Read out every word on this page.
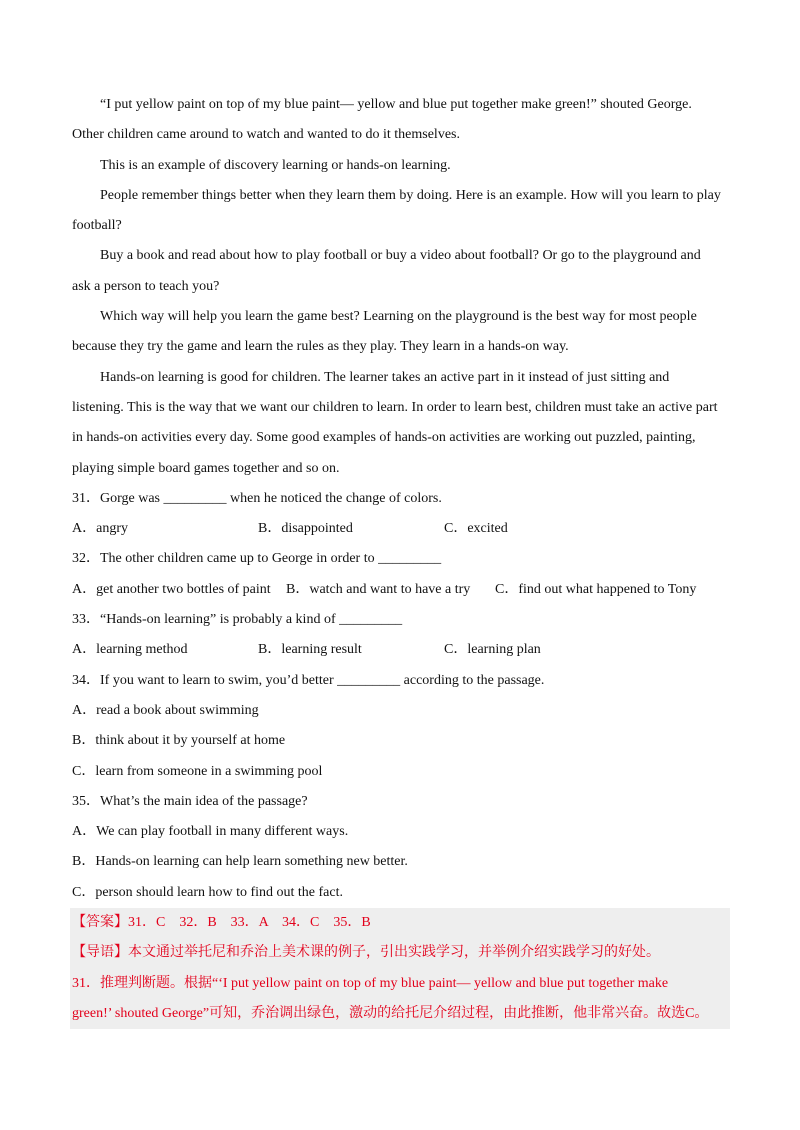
“I put yellow paint on top of my blue paint— yellow and blue put together make green!” shouted George.
Other children came around to watch and wanted to do it themselves.
This is an example of discovery learning or hands-on learning.
People remember things better when they learn them by doing. Here is an example. How will you learn to play
football?
Buy a book and read about how to play football or buy a video about football? Or go to the playground and
ask a person to teach you?
Which way will help you learn the game best? Learning on the playground is the best way for most people
because they try the game and learn the rules as they play. They learn in a hands-on way.
Hands-on learning is good for children. The learner takes an active part in it instead of just sitting and
listening. This is the way that we want our children to learn. In order to learn best, children must take an active part
in hands-on activities every day. Some good examples of hands-on activities are working out puzzled, painting,
playing simple board games together and so on.
31．Gorge was _________ when he noticed the change of colors.
A．angry	B．disappointed	C．excited
32．The other children came up to George in order to _________
A．get another two bottles of paint	B．watch and want to have a try	C．find out what happened to Tony
33．“Hands-on learning” is probably a kind of _________
A．learning method	B．learning result	C．learning plan
34．If you want to learn to swim, you’d better _________ according to the passage.
A．read a book about swimming
B．think about it by yourself at home
C．learn from someone in a swimming pool
35．What’s the main idea of the passage?
A．We can play football in many different ways.
B．Hands-on learning can help learn something new better.
C．person should learn how to find out the fact.
【答案】31．C　32．B　33．A　34．C　35．B
【导语】本文通过举托尼和乔治上美术课的例子，引出实践学习，并举例介绍实践学习的好处。
31．推理判断题。根据“‘I put yellow paint on top of my blue paint— yellow and blue put together make
green!’ shouted George”可知，乔治调出绿色，激动的给托尼介绍过程，由此推断，他非常兴奋。故选C。
